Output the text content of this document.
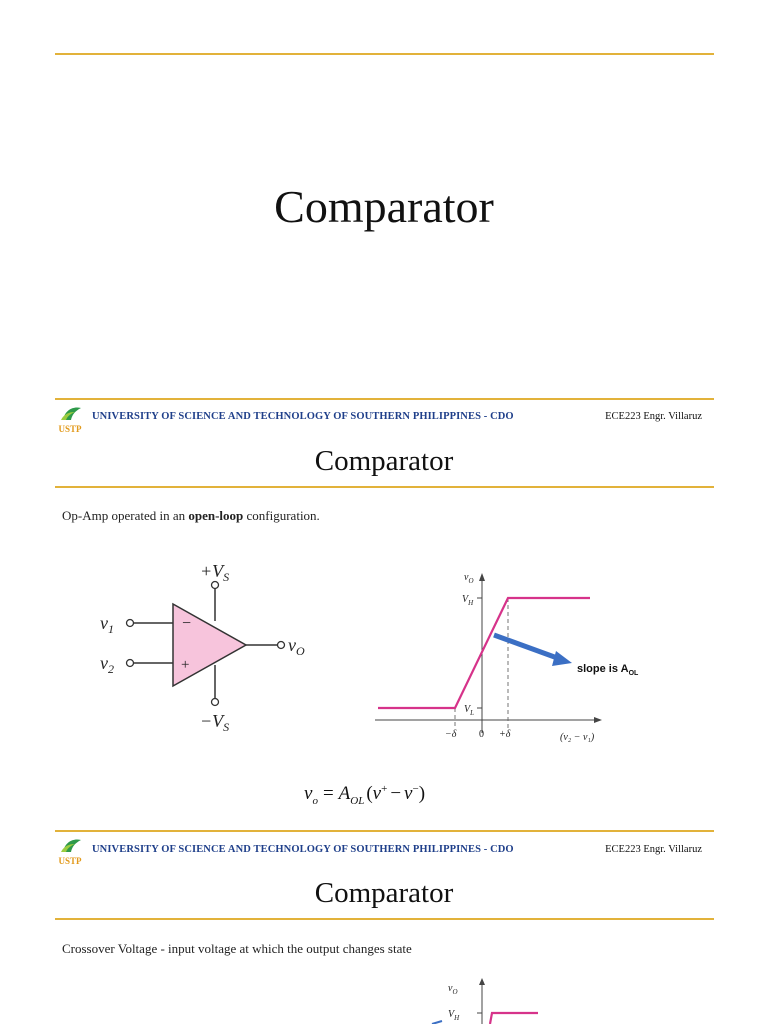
Comparator
USTP
UNIVERSITY OF SCIENCE AND TECHNOLOGY OF SOUTHERN PHILIPPINES - CDO	ECE223 Engr. Villaruz
Comparator
Op-Amp operated in an open-loop configuration.
−
+
$+V_S$
$-V_S$
$v_1$
$v_2$
$v_O$
$v_O$
$V_H$
$V_L$
−δ 0 +δ	(v₂ − v₁)
slope is $A_{OL}$
$v_o = A_{OL}$ (v+ − v−)
USTP
UNIVERSITY OF SCIENCE AND TECHNOLOGY OF SOUTHERN PHILIPPINES - CDO	ECE223 Engr. Villaruz
Comparator
Crossover Voltage - input voltage at which the output changes state
$v_O$
$V_H$
